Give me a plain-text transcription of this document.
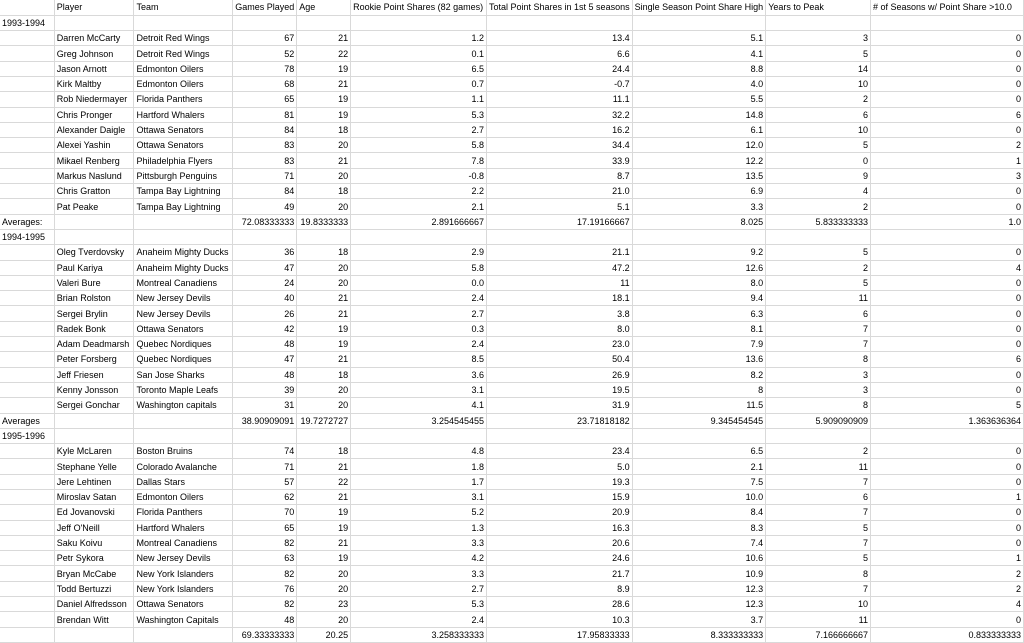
	Player	Team	Games Played	Age	Rookie Point Shares (82 games)	Total Point Shares in 1st 5 seasons	Single Season Point Share High	Years to Peak	# of Seasons w/ Point Share >10.0
1993-1994									
	Darren McCarty	Detroit Red Wings	67	21	1.2	13.4	5.1	3	0
	Greg Johnson	Detroit Red Wings	52	22	0.1	6.6	4.1	5	0
	Jason Arnott	Edmonton Oilers	78	19	6.5	24.4	8.8	14	0
	Kirk Maltby	Edmonton Oilers	68	21	0.7	-0.7	4.0	10	0
	Rob Niedermayer	Florida Panthers	65	19	1.1	11.1	5.5	2	0
	Chris Pronger	Hartford Whalers	81	19	5.3	32.2	14.8	6	6
	Alexander Daigle	Ottawa Senators	84	18	2.7	16.2	6.1	10	0
	Alexei Yashin	Ottawa Senators	83	20	5.8	34.4	12.0	5	2
	Mikael Renberg	Philadelphia Flyers	83	21	7.8	33.9	12.2	0	1
	Markus Naslund	Pittsburgh Penguins	71	20	-0.8	8.7	13.5	9	3
	Chris Gratton	Tampa Bay Lightning	84	18	2.2	21.0	6.9	4	0
	Pat Peake	Tampa Bay Lightning	49	20	2.1	5.1	3.3	2	0
Averages:			72.08333333	19.8333333	2.891666667	17.19166667	8.025	5.833333333	1.0
1994-1995									
	Oleg Tverdovsky	Anaheim Mighty Ducks	36	18	2.9	21.1	9.2	5	0
	Paul Kariya	Anaheim Mighty Ducks	47	20	5.8	47.2	12.6	2	4
	Valeri Bure	Montreal Canadiens	24	20	0.0	11	8.0	5	0
	Brian Rolston	New Jersey Devils	40	21	2.4	18.1	9.4	11	0
	Sergei Brylin	New Jersey Devils	26	21	2.7	3.8	6.3	6	0
	Radek Bonk	Ottawa Senators	42	19	0.3	8.0	8.1	7	0
	Adam Deadmarsh	Quebec Nordiques	48	19	2.4	23.0	7.9	7	0
	Peter Forsberg	Quebec Nordiques	47	21	8.5	50.4	13.6	8	6
	Jeff Friesen	San Jose Sharks	48	18	3.6	26.9	8.2	3	0
	Kenny Jonsson	Toronto Maple Leafs	39	20	3.1	19.5	8	3	0
	Sergei Gonchar	Washington capitals	31	20	4.1	31.9	11.5	8	5
Averages			38.90909091	19.7272727	3.254545455	23.71818182	9.345454545	5.909090909	1.363636364
1995-1996									
	Kyle McLaren	Boston Bruins	74	18	4.8	23.4	6.5	2	0
	Stephane Yelle	Colorado Avalanche	71	21	1.8	5.0	2.1	11	0
	Jere Lehtinen	Dallas Stars	57	22	1.7	19.3	7.5	7	0
	Miroslav Satan	Edmonton Oilers	62	21	3.1	15.9	10.0	6	1
	Ed Jovanovski	Florida Panthers	70	19	5.2	20.9	8.4	7	0
	Jeff O'Neill	Hartford Whalers	65	19	1.3	16.3	8.3	5	0
	Saku Koivu	Montreal Canadiens	82	21	3.3	20.6	7.4	7	0
	Petr Sykora	New Jersey Devils	63	19	4.2	24.6	10.6	5	1
	Bryan McCabe	New York Islanders	82	20	3.3	21.7	10.9	8	2
	Todd Bertuzzi	New York Islanders	76	20	2.7	8.9	12.3	7	2
	Daniel Alfredsson	Ottawa Senators	82	23	5.3	28.6	12.3	10	4
	Brendan Witt	Washington Capitals	48	20	2.4	10.3	3.7	11	0
			69.33333333	20.25	3.258333333	17.95833333	8.333333333	7.166666667	0.833333333
